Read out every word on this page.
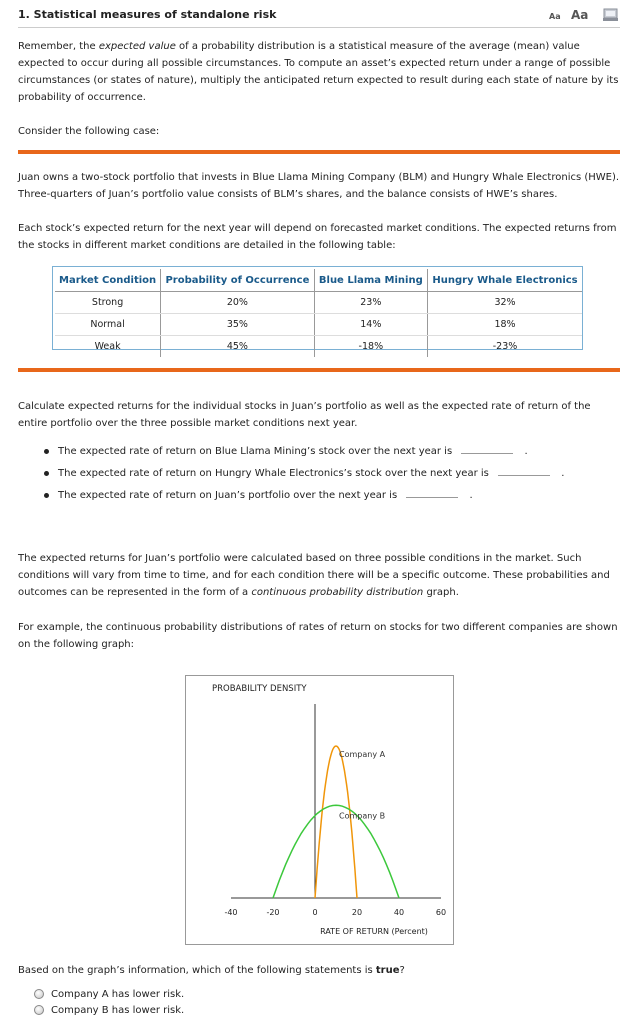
1. Statistical measures of standalone risk	Aa Aa

Remember, the expected value of a probability distribution is a statistical measure of the average (mean) value expected to occur during all possible circumstances. To compute an asset’s expected return under a range of possible circumstances (or states of nature), multiply the anticipated return expected to result during each state of nature by its probability of occurrence.

Consider the following case:

Juan owns a two-stock portfolio that invests in Blue Llama Mining Company (BLM) and Hungry Whale Electronics (HWE). Three-quarters of Juan’s portfolio value consists of BLM’s shares, and the balance consists of HWE’s shares.

Each stock’s expected return for the next year will depend on forecasted market conditions. The expected returns from the stocks in different market conditions are detailed in the following table:

Market Condition	Probability of Occurrence	Blue Llama Mining	Hungry Whale Electronics
Strong	20%	23%	32%
Normal	35%	14%	18%
Weak	45%	-18%	-23%

Calculate expected returns for the individual stocks in Juan’s portfolio as well as the expected rate of return of the entire portfolio over the three possible market conditions next year.

The expected rate of return on Blue Llama Mining’s stock over the next year is	.
The expected rate of return on Hungry Whale Electronics’s stock over the next year is	.
The expected rate of return on Juan’s portfolio over the next year is	.

The expected returns for Juan’s portfolio were calculated based on three possible conditions in the market. Such conditions will vary from time to time, and for each condition there will be a specific outcome. These probabilities and outcomes can be represented in the form of a continuous probability distribution graph.

For example, the continuous probability distributions of rates of return on stocks for two different companies are shown on the following graph:

PROBABILITY DENSITY
Company A
Company B
-40	-20	0	20	40	60
RATE OF RETURN (Percent)

Based on the graph’s information, which of the following statements is true?

Company A has lower risk.
Company B has lower risk.
